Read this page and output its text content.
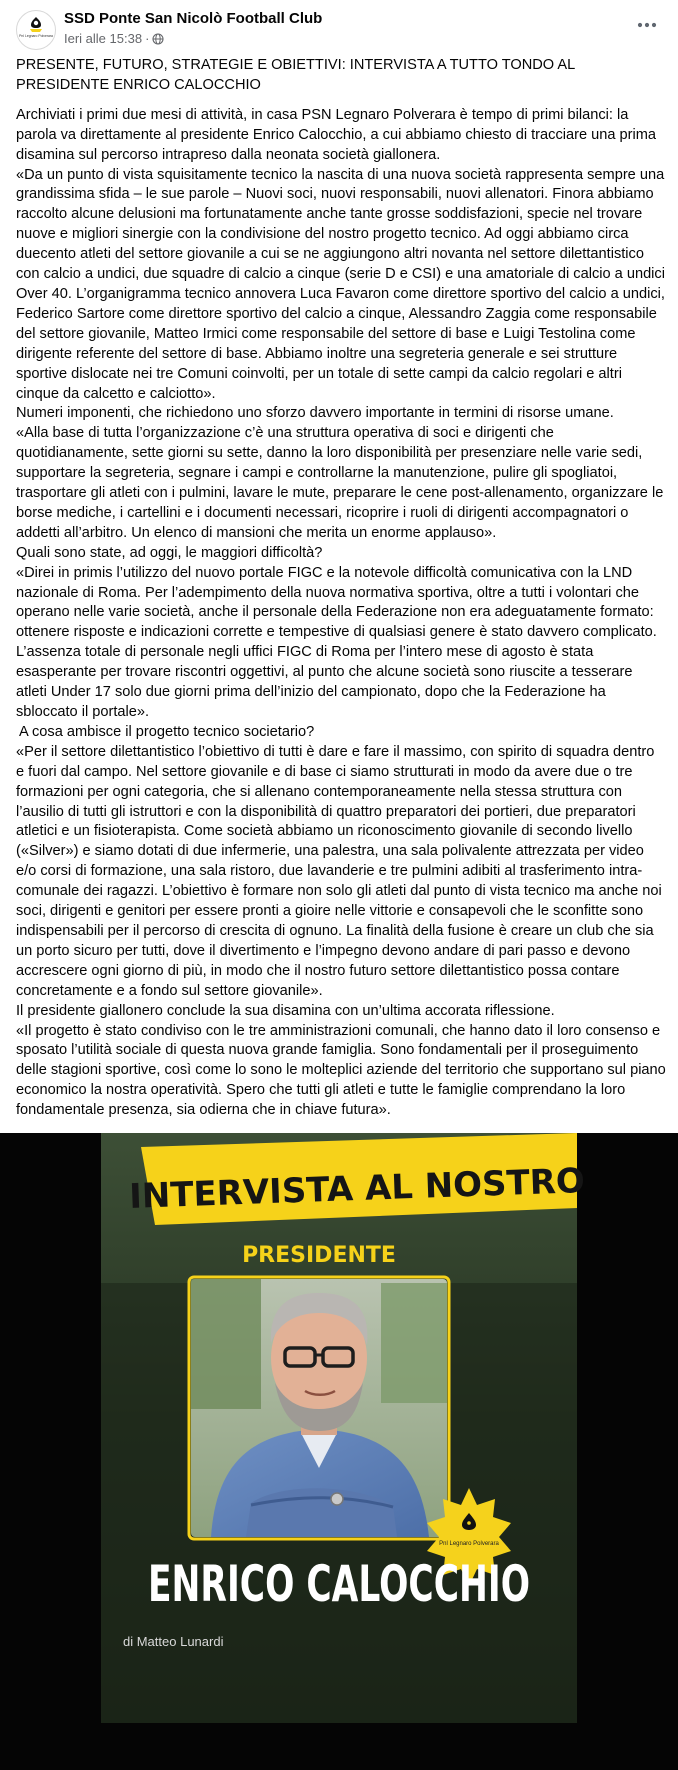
Pnl Legnaro Polverara
SSD Ponte San Nicolò Football Club
Ieri alle 15:38 ·

PRESENTE, FUTURO, STRATEGIE E OBIETTIVI: INTERVISTA A TUTTO TONDO AL PRESIDENTE ENRICO CALOCCHIO

Archiviati i primi due mesi di attività, in casa PSN Legnaro Polverara è tempo di primi bilanci: la parola va direttamente al presidente Enrico Calocchio, a cui abbiamo chiesto di tracciare una prima disamina sul percorso intrapreso dalla neonata società giallonera.

«Da un punto di vista squisitamente tecnico la nascita di una nuova società rappresenta sempre una grandissima sfida – le sue parole – Nuovi soci, nuovi responsabili, nuovi allenatori. Finora abbiamo raccolto alcune delusioni ma fortunatamente anche tante grosse soddisfazioni, specie nel trovare nuove e migliori sinergie con la condivisione del nostro progetto tecnico. Ad oggi abbiamo circa duecento atleti del settore giovanile a cui se ne aggiungono altri novanta nel settore dilettantistico con calcio a undici, due squadre di calcio a cinque (serie D e CSI) e una amatoriale di calcio a undici Over 40. L’organigramma tecnico annovera Luca Favaron come direttore sportivo del calcio a undici, Federico Sartore come direttore sportivo del calcio a cinque, Alessandro Zaggia come responsabile del settore giovanile, Matteo Irmici come responsabile del settore di base e Luigi Testolina come dirigente referente del settore di base. Abbiamo inoltre una segreteria generale e sei strutture sportive dislocate nei tre Comuni coinvolti, per un totale di sette campi da calcio regolari e altri cinque da calcetto e calciotto».

Numeri imponenti, che richiedono uno sforzo davvero importante in termini di risorse umane.

«Alla base di tutta l’organizzazione c’è una struttura operativa di soci e dirigenti che quotidianamente, sette giorni su sette, danno la loro disponibilità per presenziare nelle varie sedi, supportare la segreteria, segnare i campi e controllarne la manutenzione, pulire gli spogliatoi, trasportare gli atleti con i pulmini, lavare le mute, preparare le cene post-allenamento, organizzare le borse mediche, i cartellini e i documenti necessari, ricoprire i ruoli di dirigenti accompagnatori o addetti all’arbitro. Un elenco di mansioni che merita un enorme applauso».

Quali sono state, ad oggi, le maggiori difficoltà?

«Direi in primis l’utilizzo del nuovo portale FIGC e la notevole difficoltà comunicativa con la LND nazionale di Roma. Per l’adempimento della nuova normativa sportiva, oltre a tutti i volontari che operano nelle varie società, anche il personale della Federazione non era adeguatamente formato: ottenere risposte e indicazioni corrette e tempestive di qualsiasi genere è stato davvero complicato. L’assenza totale di personale negli uffici FIGC di Roma per l’intero mese di agosto è stata esasperante per trovare riscontri oggettivi, al punto che alcune società sono riuscite a tesserare atleti Under 17 solo due giorni prima dell’inizio del campionato, dopo che la Federazione ha sbloccato il portale».

A cosa ambisce il progetto tecnico societario?

«Per il settore dilettantistico l’obiettivo di tutti è dare e fare il massimo, con spirito di squadra dentro e fuori dal campo. Nel settore giovanile e di base ci siamo strutturati in modo da avere due o tre formazioni per ogni categoria, che si allenano contemporaneamente nella stessa struttura con l’ausilio di tutti gli istruttori e con la disponibilità di quattro preparatori dei portieri, due preparatori atletici e un fisioterapista. Come società abbiamo un riconoscimento giovanile di secondo livello («Silver») e siamo dotati di due infermerie, una palestra, una sala polivalente attrezzata per video e/o corsi di formazione, una sala ristoro, due lavanderie e tre pulmini adibiti al trasferimento intra-comunale dei ragazzi. L’obiettivo è formare non solo gli atleti dal punto di vista tecnico ma anche noi soci, dirigenti e genitori per essere pronti a gioire nelle vittorie e consapevoli che le sconfitte sono indispensabili per il percorso di crescita di ognuno. La finalità della fusione è creare un club che sia un porto sicuro per tutti, dove il divertimento e l’impegno devono andare di pari passo e devono accrescere ogni giorno di più, in modo che il nostro futuro settore dilettantistico possa contare concretamente e a fondo sul settore giovanile».

Il presidente giallonero conclude la sua disamina con un’ultima accorata riflessione.

«Il progetto è stato condiviso con le tre amministrazioni comunali, che hanno dato il loro consenso e sposato l’utilità sociale di questa nuova grande famiglia. Sono fondamentali per il proseguimento delle stagioni sportive, così come lo sono le molteplici aziende del territorio che supportano sul piano economico la nostra operatività. Spero che tutti gli atleti e tutte le famiglie comprendano la loro fondamentale presenza, sia odierna che in chiave futura».

INTERVISTA AL NOSTRO
PRESIDENTE
Pnl Legnaro Polverara
ENRICO CALOCCHIO
di Matteo Lunardi
